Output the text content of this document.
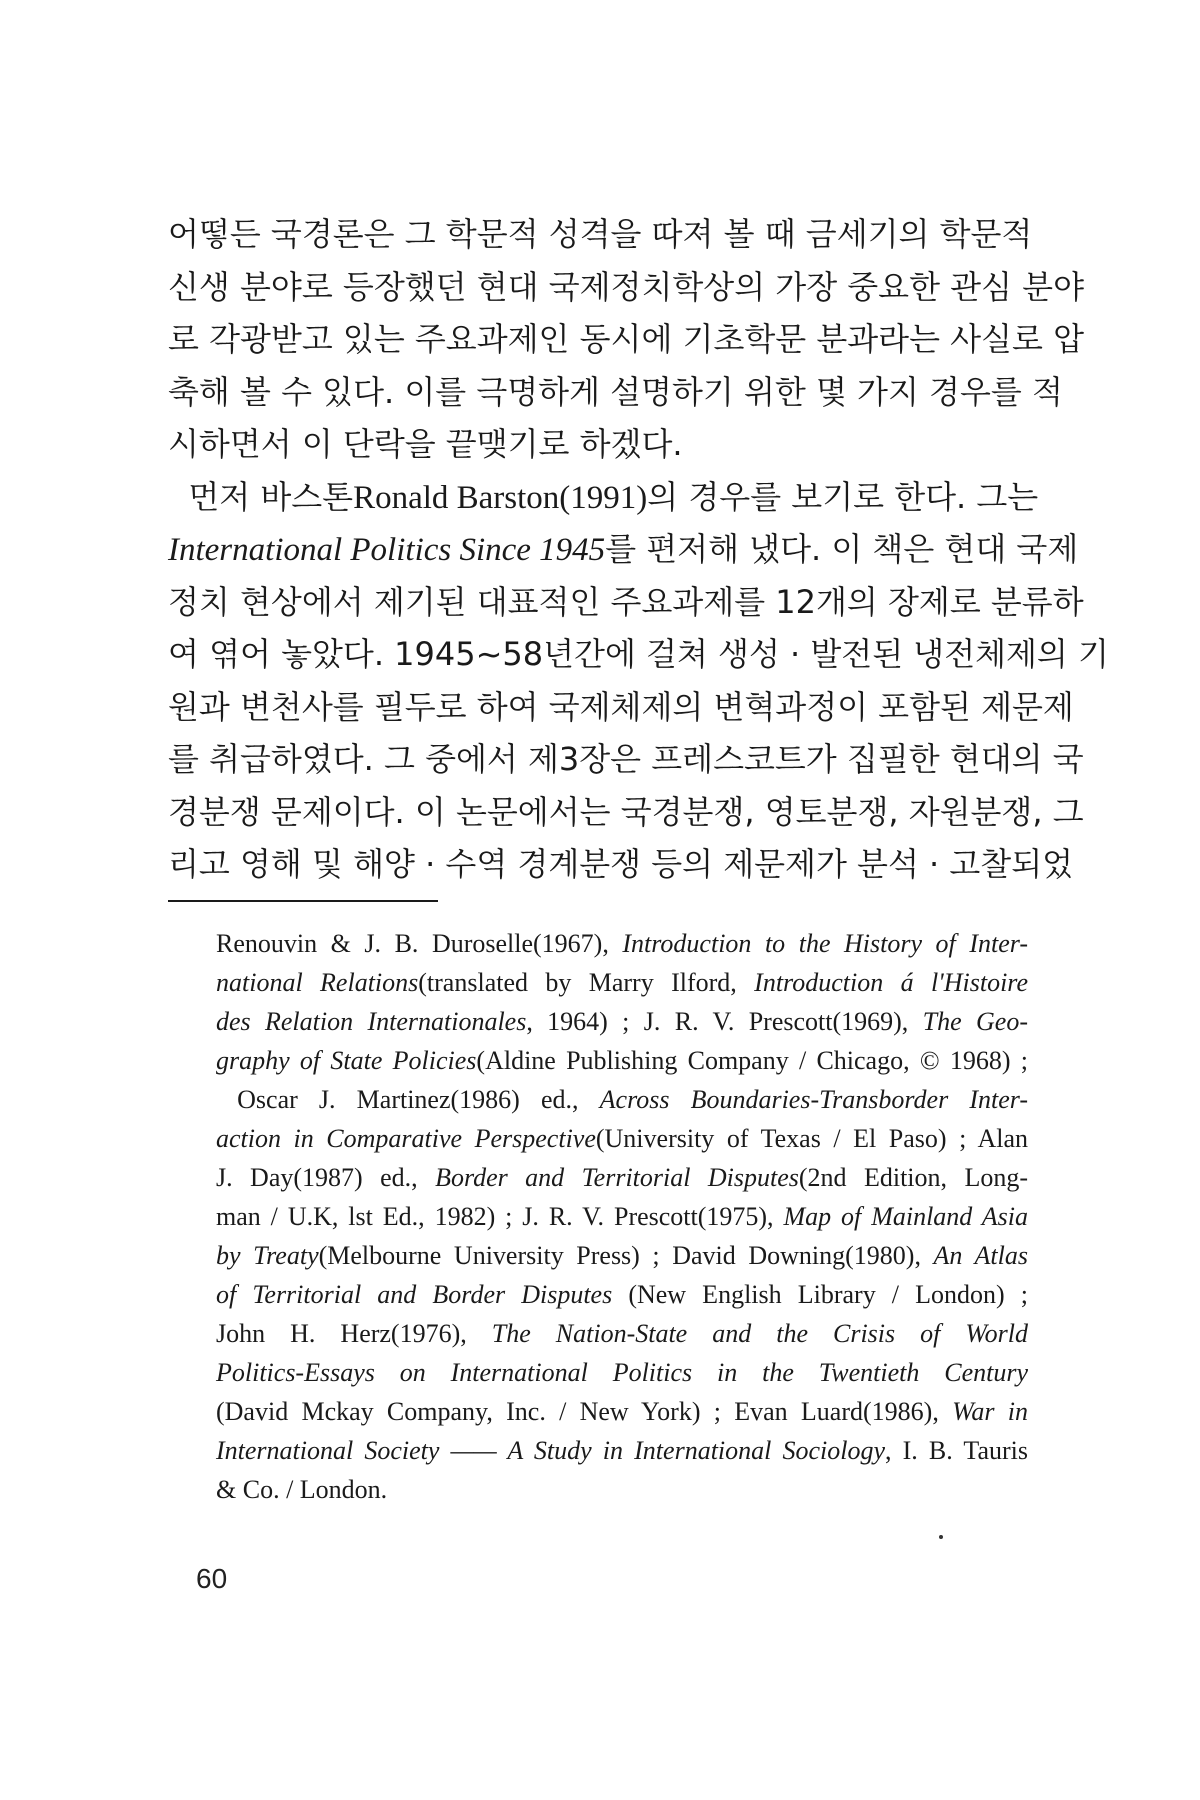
어떻든 국경론은 그 학문적 성격을 따져 볼 때 금세기의 학문적
신생 분야로 등장했던 현대 국제정치학상의 가장 중요한 관심 분야
로 각광받고 있는 주요과제인 동시에 기초학문 분과라는 사실로 압
축해 볼 수 있다. 이를 극명하게 설명하기 위한 몇 가지 경우를 적
시하면서 이 단락을 끝맺기로 하겠다.
먼저 바스톤Ronald Barston(1991)의 경우를 보기로 한다. 그는
International Politics Since 1945를 편저해 냈다. 이 책은 현대 국제
정치 현상에서 제기된 대표적인 주요과제를 12개의 장제로 분류하
여 엮어 놓았다. 1945~58년간에 걸쳐 생성 · 발전된 냉전체제의 기
원과 변천사를 필두로 하여 국제체제의 변혁과정이 포함된 제문제
를 취급하였다. 그 중에서 제3장은 프레스코트가 집필한 현대의 국
경분쟁 문제이다. 이 논문에서는 국경분쟁, 영토분쟁, 자원분쟁, 그
리고 영해 및 해양 · 수역 경계분쟁 등의 제문제가 분석 · 고찰되었
Renouvin & J. B. Duroselle(1967), Introduction to the History of Inter-
national Relations(translated by Marry Ilford, Introduction á l'Histoire
des Relation Internationales, 1964) ; J. R. V. Prescott(1969), The Geo-
graphy of State Policies(Aldine Publishing Company / Chicago, © 1968) ;
Oscar J. Martinez(1986) ed., Across Boundaries-Transborder Inter-
action in Comparative Perspective(University of Texas / El Paso) ; Alan
J. Day(1987) ed., Border and Territorial Disputes(2nd Edition, Long-
man / U.K, lst Ed., 1982) ; J. R. V. Prescott(1975), Map of Mainland Asia
by Treaty(Melbourne University Press) ; David Downing(1980), An Atlas
of Territorial and Border Disputes (New English Library / London) ;
John H. Herz(1976), The Nation-State and the Crisis of World
Politics-Essays on International Politics in the Twentieth Century
(David Mckay Company, Inc. / New York) ; Evan Luard(1986), War in
International Society —— A Study in International Sociology, I. B. Tauris
& Co. / London.
60
